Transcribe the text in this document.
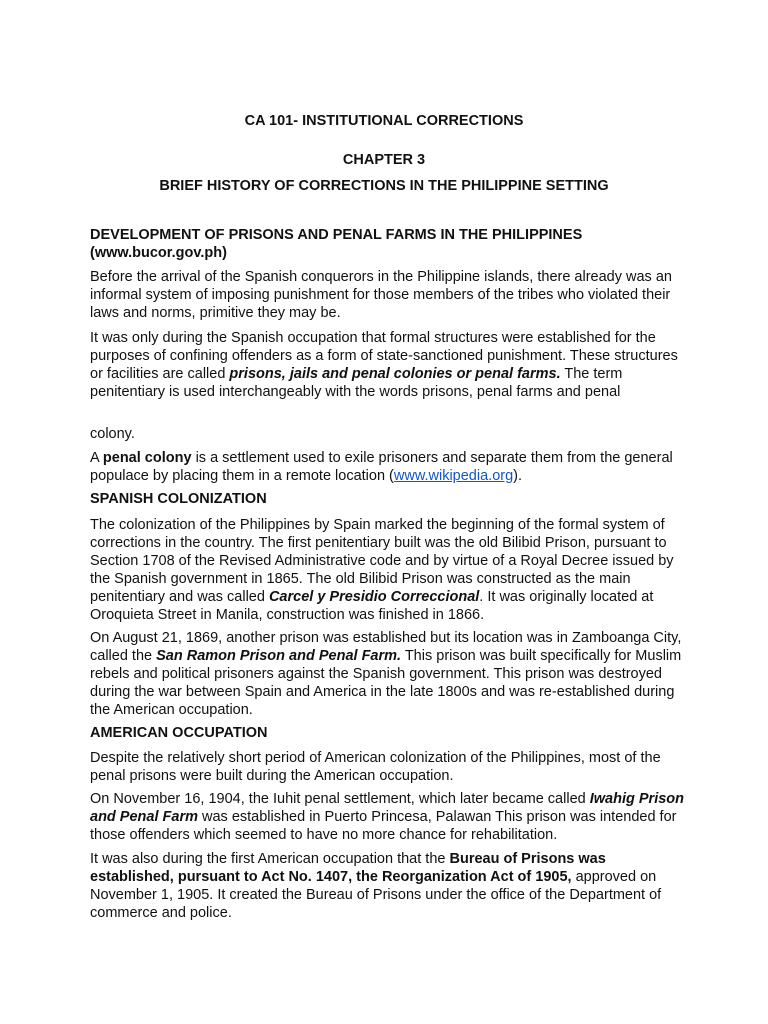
CA 101- INSTITUTIONAL CORRECTIONS
CHAPTER 3
BRIEF HISTORY OF CORRECTIONS IN THE PHILIPPINE SETTING
DEVELOPMENT OF PRISONS AND PENAL FARMS IN THE PHILIPPINES (www.bucor.gov.ph)
Before the arrival of the Spanish conquerors in the Philippine islands, there already was an informal system of imposing punishment for those members of the tribes who violated their laws and norms, primitive they may be.
It was only during the Spanish occupation that formal structures were established for the purposes of confining offenders as a form of state-sanctioned punishment. These structures or facilities are called prisons, jails and penal colonies or penal farms. The term penitentiary is used interchangeably with the words prisons, penal farms and penal
colony.
A penal colony is a settlement used to exile prisoners and separate them from the general populace by placing them in a remote location (www.wikipedia.org).
SPANISH COLONIZATION
The colonization of the Philippines by Spain marked the beginning of the formal system of corrections in the country. The first penitentiary built was the old Bilibid Prison, pursuant to Section 1708 of the Revised Administrative code and by virtue of a Royal Decree issued by the Spanish government in 1865. The old Bilibid Prison was constructed as the main penitentiary and was called Carcel y Presidio Correccional. It was originally located at Oroquieta Street in Manila, construction was finished in 1866.
On August 21, 1869, another prison was established but its location was in Zamboanga City, called the San Ramon Prison and Penal Farm. This prison was built specifically for Muslim rebels and political prisoners against the Spanish government. This prison was destroyed during the war between Spain and America in the late 1800s and was re-established during the American occupation.
AMERICAN OCCUPATION
Despite the relatively short period of American colonization of the Philippines, most of the penal prisons were built during the American occupation.
On November 16, 1904, the Iuhit penal settlement, which later became called Iwahig Prison and Penal Farm was established in Puerto Princesa, Palawan This prison was intended for those offenders which seemed to have no more chance for rehabilitation.
It was also during the first American occupation that the Bureau of Prisons was established, pursuant to Act No. 1407, the Reorganization Act of 1905, approved on November 1, 1905. It created the Bureau of Prisons under the office of the Department of commerce and police.
